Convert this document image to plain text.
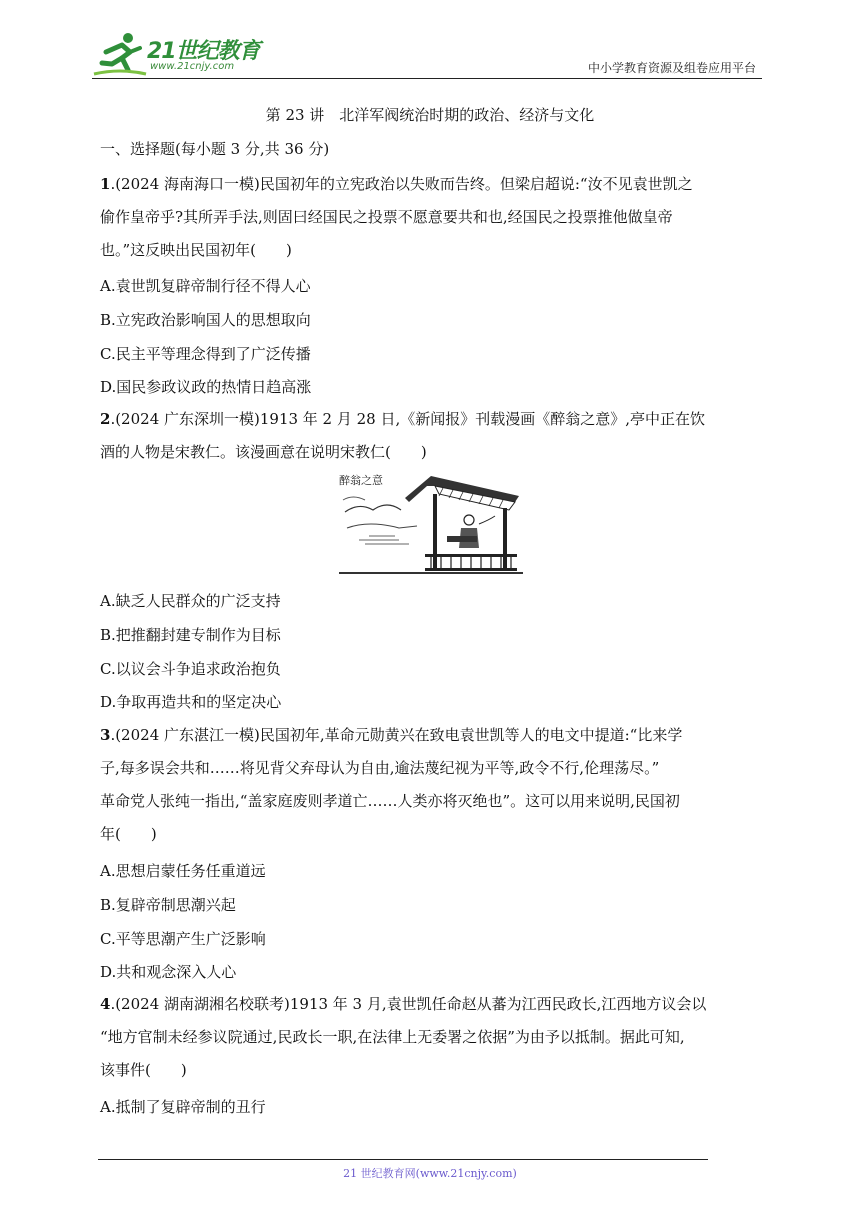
21世纪教育
www.21cnjy.com	中小学教育资源及组卷应用平台
第 23 讲　北洋军阀统治时期的政治、经济与文化
一、选择题(每小题 3 分,共 36 分)
1.(2024 海南海口一模)民国初年的立宪政治以失败而告终。但梁启超说:“汝不见袁世凯之
偷作皇帝乎?其所弄手法,则固曰经国民之投票不愿意要共和也,经国民之投票推他做皇帝
也。”这反映出民国初年(　　)
A.袁世凯复辟帝制行径不得人心
B.立宪政治影响国人的思想取向
C.民主平等理念得到了广泛传播
D.国民参政议政的热情日趋高涨
2.(2024 广东深圳一模)1913 年 2 月 28 日,《新闻报》刊载漫画《醉翁之意》,亭中正在饮
酒的人物是宋教仁。该漫画意在说明宋教仁(　　)
醉翁之意
A.缺乏人民群众的广泛支持
B.把推翻封建专制作为目标
C.以议会斗争追求政治抱负
D.争取再造共和的坚定决心
3.(2024 广东湛江一模)民国初年,革命元勋黄兴在致电袁世凯等人的电文中提道:“比来学
子,每多误会共和……将见背父弃母认为自由,逾法蔑纪视为平等,政令不行,伦理荡尽。”
革命党人张纯一指出,“盖家庭废则孝道亡……人类亦将灭绝也”。这可以用来说明,民国初
年(　　)
A.思想启蒙任务任重道远
B.复辟帝制思潮兴起
C.平等思潮产生广泛影响
D.共和观念深入人心
4.(2024 湖南湖湘名校联考)1913 年 3 月,袁世凯任命赵从蕃为江西民政长,江西地方议会以
“地方官制未经参议院通过,民政长一职,在法律上无委署之依据”为由予以抵制。据此可知,
该事件(　　)
A.抵制了复辟帝制的丑行
21 世纪教育网(www.21cnjy.com)
